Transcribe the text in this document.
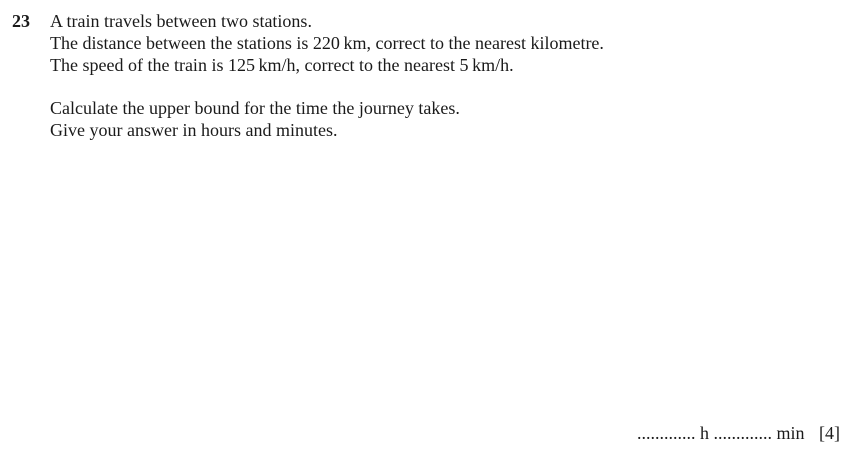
23 A train travels between two stations.
The distance between the stations is 220 km, correct to the nearest kilometre.
The speed of the train is 125 km/h, correct to the nearest 5 km/h.
Calculate the upper bound for the time the journey takes.
Give your answer in hours and minutes.
............. h ............. min [4]
